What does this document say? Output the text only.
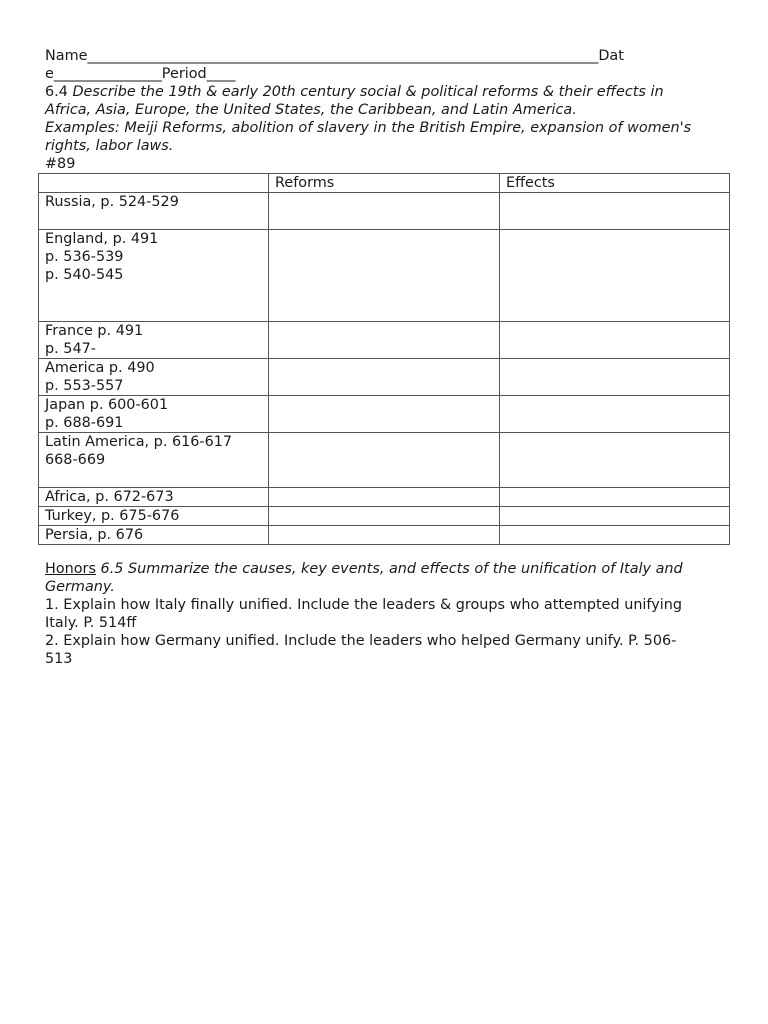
Name_______________________________________________________________________Dat
e_______________Period____
6.4 Describe the 19th & early 20th century social & political reforms & their effects in
Africa, Asia, Europe, the United States, the Caribbean, and Latin America.
Examples: Meiji Reforms, abolition of slavery in the British Empire, expansion of women's
rights, labor laws.
#89
	Reforms	Effects

Russia, p. 524-529		

England, p. 491
p. 536-539
p. 540-545		

France p. 491
p. 547-		

America p. 490
p. 553-557		

Japan p. 600-601
p. 688-691		

Latin America, p. 616-617
668-669		

Africa, p. 672-673		

Turkey, p. 675-676		

Persia, p. 676		

Honors 6.5 Summarize the causes, key events, and effects of the unification of Italy and
Germany.
1. Explain how Italy finally unified. Include the leaders & groups who attempted unifying
Italy. P. 514ff
2. Explain how Germany unified. Include the leaders who helped Germany unify. P. 506-
513
